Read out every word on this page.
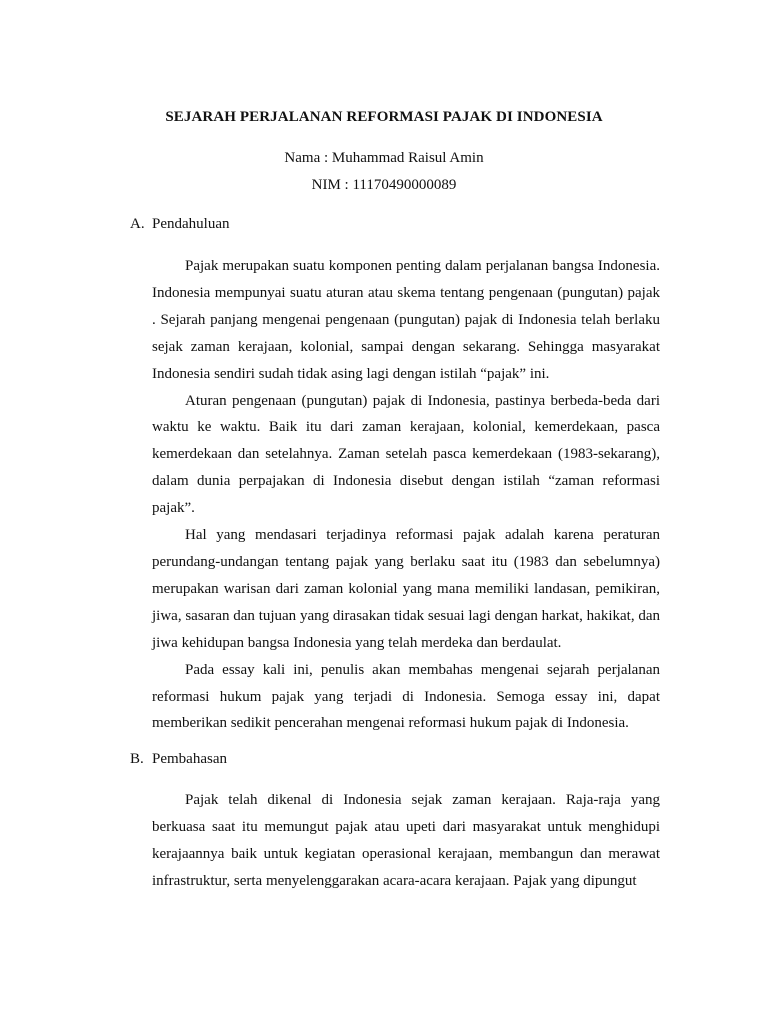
SEJARAH PERJALANAN REFORMASI PAJAK DI INDONESIA
Nama : Muhammad Raisul Amin
NIM : 11170490000089
A. Pendahuluan

Pajak merupakan suatu komponen penting dalam perjalanan bangsa Indonesia. Indonesia mempunyai suatu aturan atau skema tentang pengenaan (pungutan) pajak . Sejarah panjang mengenai pengenaan (pungutan) pajak di Indonesia telah berlaku sejak zaman kerajaan, kolonial, sampai dengan sekarang. Sehingga masyarakat Indonesia sendiri sudah tidak asing lagi dengan istilah “pajak” ini.

Aturan pengenaan (pungutan) pajak di Indonesia, pastinya berbeda-beda dari waktu ke waktu. Baik itu dari zaman kerajaan, kolonial, kemerdekaan, pasca kemerdekaan dan setelahnya. Zaman setelah pasca kemerdekaan (1983-sekarang), dalam dunia perpajakan di Indonesia disebut dengan istilah “zaman reformasi pajak”.

Hal yang mendasari terjadinya reformasi pajak adalah karena peraturan perundang-undangan tentang pajak yang berlaku saat itu (1983 dan sebelumnya) merupakan warisan dari zaman kolonial yang mana memiliki landasan, pemikiran, jiwa, sasaran dan tujuan yang dirasakan tidak sesuai lagi dengan harkat, hakikat, dan jiwa kehidupan bangsa Indonesia yang telah merdeka dan berdaulat.

Pada essay kali ini, penulis akan membahas mengenai sejarah perjalanan reformasi hukum pajak yang terjadi di Indonesia. Semoga essay ini, dapat memberikan sedikit pencerahan mengenai reformasi hukum pajak di Indonesia.

B. Pembahasan

Pajak telah dikenal di Indonesia sejak zaman kerajaan. Raja-raja yang berkuasa saat itu memungut pajak atau upeti dari masyarakat untuk menghidupi kerajaannya baik untuk kegiatan operasional kerajaan, membangun dan merawat infrastruktur, serta menyelenggarakan acara-acara kerajaan. Pajak yang dipungut
